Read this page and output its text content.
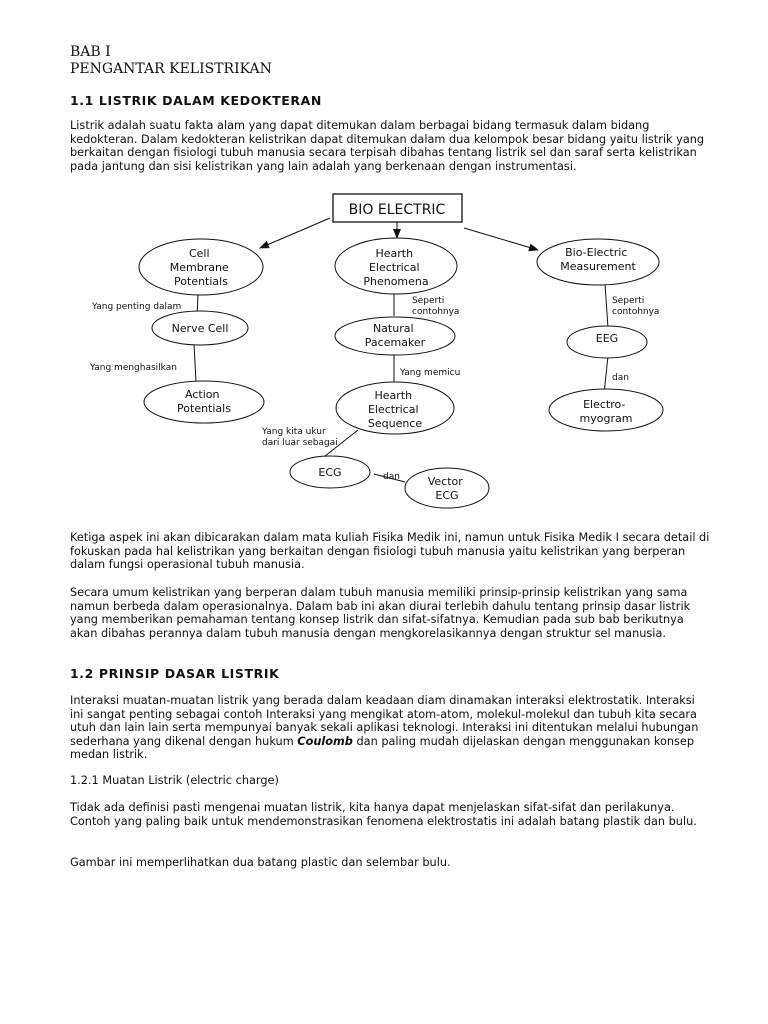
BAB I
PENGANTAR KELISTRIKAN
1.1 LISTRIK DALAM KEDOKTERAN

Listrik adalah suatu fakta alam yang dapat ditemukan dalam berbagai bidang termasuk dalam bidang kedokteran. Dalam kedokteran kelistrikan dapat ditemukan dalam dua kelompok besar bidang yaitu listrik yang berkaitan dengan fisiologi tubuh manusia secara terpisah dibahas tentang listrik sel dan saraf serta kelistrikan pada jantung dan sisi kelistrikan yang lain adalah yang berkenaan dengan instrumentasi.

BIO ELECTRIC
Cell Membrane Potentials
Yang penting dalam
Nerve Cell
Yang menghasilkan
Action Potentials
Hearth Electrical Phenomena
Seperti contohnya
Natural Pacemaker
Yang memicu
Hearth Electrical Sequence
Yang kita ukur dari luar sebagai
ECG	dan	Vector ECG
Bio-Electric Measurement
Seperti contohnya
EEG
dan
Electro- myogram

Ketiga aspek ini akan dibicarakan dalam mata kuliah Fisika Medik ini, namun untuk Fisika Medik I secara detail di fokuskan pada hal kelistrikan yang berkaitan dengan fisiologi tubuh manusia yaitu kelistrikan yang berperan dalam fungsi operasional tubuh manusia.

Secara umum kelistrikan yang berperan dalam tubuh manusia memiliki prinsip-prinsip kelistrikan yang sama namun berbeda dalam operasionalnya. Dalam bab ini akan diurai terlebih dahulu tentang prinsip dasar listrik yang memberikan pemahaman tentang konsep listrik dan sifat-sifatnya. Kemudian pada sub bab berikutnya akan dibahas perannya dalam tubuh manusia dengan mengkorelasikannya dengan struktur sel manusia.

1.2 PRINSIP DASAR LISTRIK

Interaksi muatan-muatan listrik yang berada dalam keadaan diam dinamakan interaksi elektrostatik. Interaksi ini sangat penting sebagai contoh Interaksi yang mengikat atom-atom, molekul-molekul dan tubuh kita secara utuh dan lain lain serta mempunyai banyak sekali aplikasi teknologi. Interaksi ini ditentukan melalui hubungan sederhana yang dikenal dengan hukum Coulomb dan paling mudah dijelaskan dengan menggunakan konsep medan listrik.

1.2.1 Muatan Listrik (electric charge)

Tidak ada definisi pasti mengenai muatan listrik, kita hanya dapat menjelaskan sifat-sifat dan perilakunya. Contoh yang paling baik untuk mendemonstrasikan fenomena elektrostatis ini adalah batang plastik dan bulu.

Gambar ini memperlihatkan dua batang plastic dan selembar bulu.
